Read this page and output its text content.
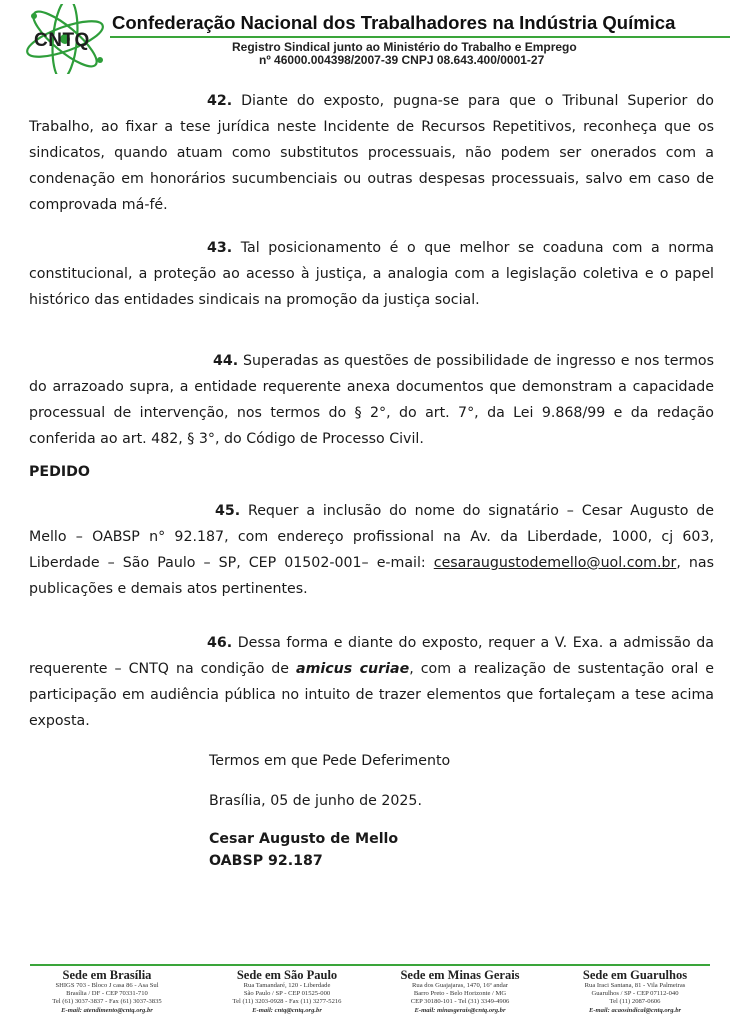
CNTQ
Confederação Nacional dos Trabalhadores na Indústria Química
Registro Sindical junto ao Ministério do Trabalho e Emprego
nº 46000.004398/2007-39 CNPJ 08.643.400/0001-27

42. Diante do exposto, pugna-se para que o Tribunal Superior do Trabalho, ao fixar a tese jurídica neste Incidente de Recursos Repetitivos, reconheça que os sindicatos, quando atuam como substitutos processuais, não podem ser onerados com a condenação em honorários sucumbenciais ou outras despesas processuais, salvo em caso de comprovada má-fé.

43. Tal posicionamento é o que melhor se coaduna com a norma constitucional, a proteção ao acesso à justiça, a analogia com a legislação coletiva e o papel histórico das entidades sindicais na promoção da justiça social.

44. Superadas as questões de possibilidade de ingresso e nos termos do arrazoado supra, a entidade requerente anexa documentos que demonstram a capacidade processual de intervenção, nos termos do § 2°, do art. 7°, da Lei 9.868/99 e da redação conferida ao art. 482, § 3°, do Código de Processo Civil.

PEDIDO

45. Requer a inclusão do nome do signatário – Cesar Augusto de Mello – OABSP n° 92.187, com endereço profissional na Av. da Liberdade, 1000, cj 603, Liberdade – São Paulo – SP, CEP 01502-001– e-mail: cesaraugustodemello@uol.com.br, nas publicações e demais atos pertinentes.

46. Dessa forma e diante do exposto, requer a V. Exa. a admissão da requerente – CNTQ na condição de amicus curiae, com a realização de sustentação oral e participação em audiência pública no intuito de trazer elementos que fortaleçam a tese acima exposta.

Termos em que Pede Deferimento
Brasília, 05 de junho de 2025.
Cesar Augusto de Mello
OABSP 92.187
Sede em Brasília
SHIGS 703 - Bloco J casa 86 - Asa Sul
Brasília / DF - CEP 70331-710
Tel (61) 3037-3837 - Fax (61) 3037-3835
E-mail: atendimento@cntq.org.br
Sede em São Paulo
Rua Tamandaré, 120 - Liberdade
São Paulo / SP - CEP 01525-000
Tel (11) 3203-0928 - Fax (11) 3277-5216
E-mail: cntq@cntq.org.br
Sede em Minas Gerais
Rua dos Guajajaras, 1470, 16º andar
Barro Preto - Belo Horizonte / MG
CEP 30180-101 - Tel (31) 3349-4906
E-mail: minasgerais@cntq.org.br
Sede em Guarulhos
Rua Iraci Santana, 81 - Vila Palmeiras
Guarulhos / SP - CEP 07112-040
Tel (11) 2087-0606
E-mail: acaosindical@cntq.org.br
